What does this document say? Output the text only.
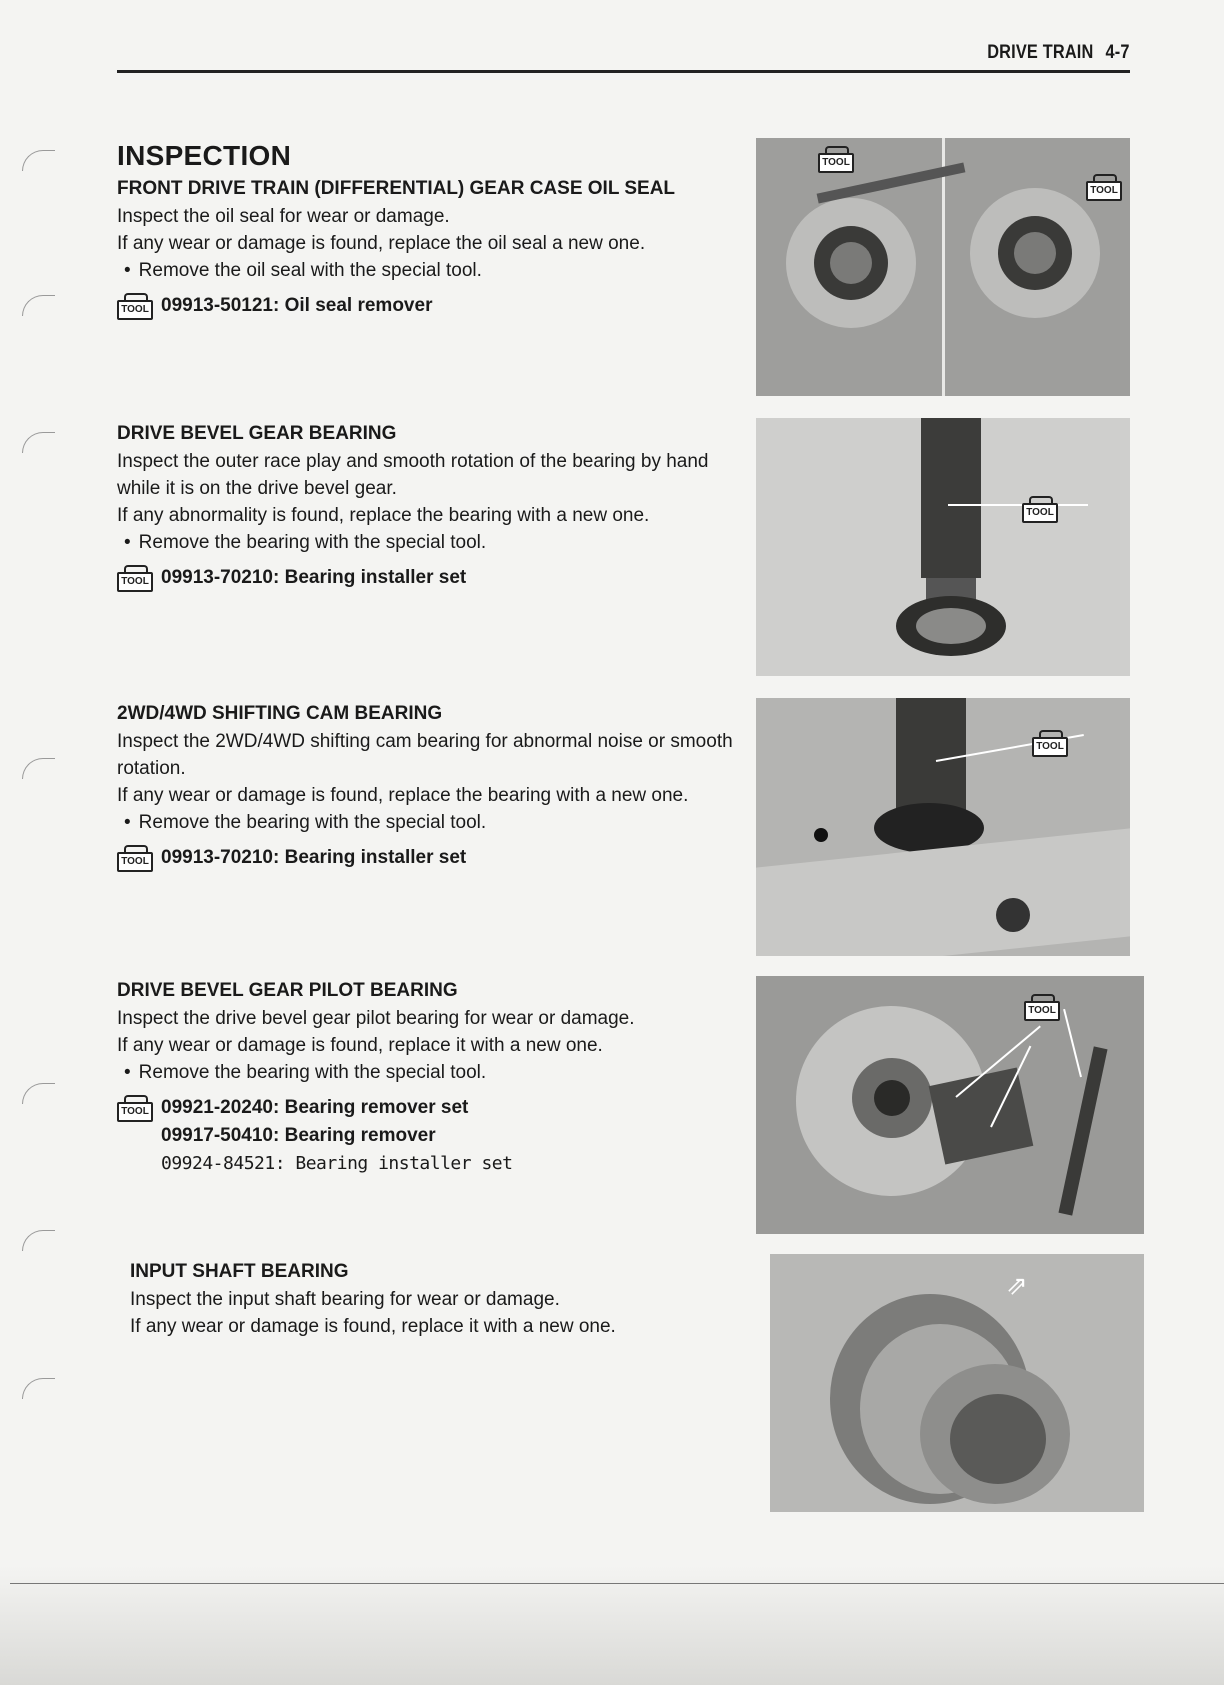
DRIVE TRAIN 4-7
INSPECTION
FRONT DRIVE TRAIN (DIFFERENTIAL) GEAR CASE OIL SEAL

Inspect the oil seal for wear or damage.

If any wear or damage is found, replace the oil seal a new one.

• Remove the oil seal with the special tool.

TOOL 09913-50121: Oil seal remover
DRIVE BEVEL GEAR BEARING

Inspect the outer race play and smooth rotation of the bearing by hand while it is on the drive bevel gear.

If any abnormality is found, replace the bearing with a new one.

• Remove the bearing with the special tool.

TOOL 09913-70210: Bearing installer set
2WD/4WD SHIFTING CAM BEARING

Inspect the 2WD/4WD shifting cam bearing for abnormal noise or smooth rotation.

If any wear or damage is found, replace the bearing with a new one.

• Remove the bearing with the special tool.

TOOL 09913-70210: Bearing installer set
DRIVE BEVEL GEAR PILOT BEARING

Inspect the drive bevel gear pilot bearing for wear or damage.

If any wear or damage is found, replace it with a new one.

• Remove the bearing with the special tool.

TOOL 09921-20240: Bearing remover set
09917-50410: Bearing remover
09924-84521: Bearing installer set
INPUT SHAFT BEARING

Inspect the input shaft bearing for wear or damage.

If any wear or damage is found, replace it with a new one.

TOOL
TOOL
TOOL
TOOL
TOOL
⇗
